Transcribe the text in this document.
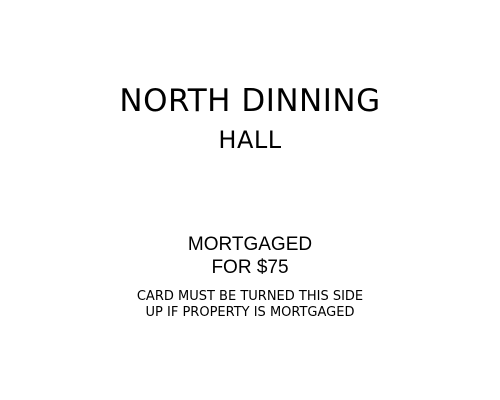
NORTH DINNING
HALL
MORTGAGED
FOR $75
CARD MUST BE TURNED THIS SIDE
UP IF PROPERTY IS MORTGAGED
